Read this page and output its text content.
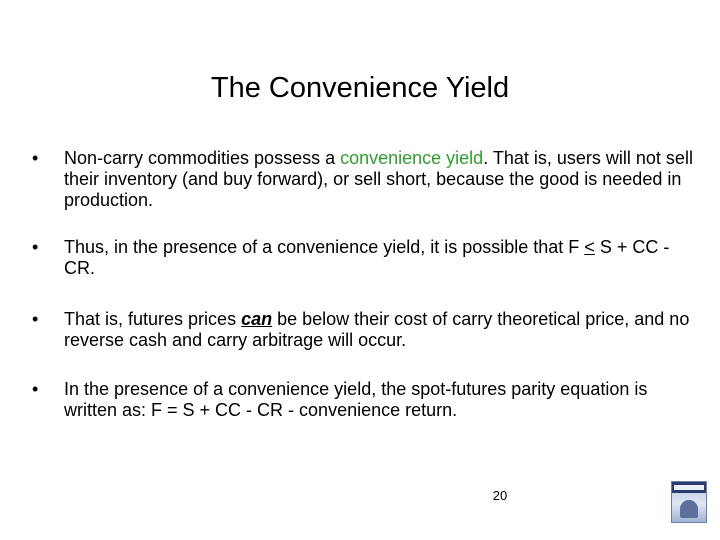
The Convenience Yield
•	Non-carry commodities possess a convenience yield. That is, users will not sell their inventory (and buy forward), or sell short, because the good is needed in production.
•	Thus, in the presence of a convenience yield, it is possible that F ≤ S + CC - CR.
•	That is, futures prices can be below their cost of carry theoretical price, and no reverse cash and carry arbitrage will occur.
•	In the presence of a convenience yield, the spot-futures parity equation is written as: F = S + CC - CR - convenience return.
20
